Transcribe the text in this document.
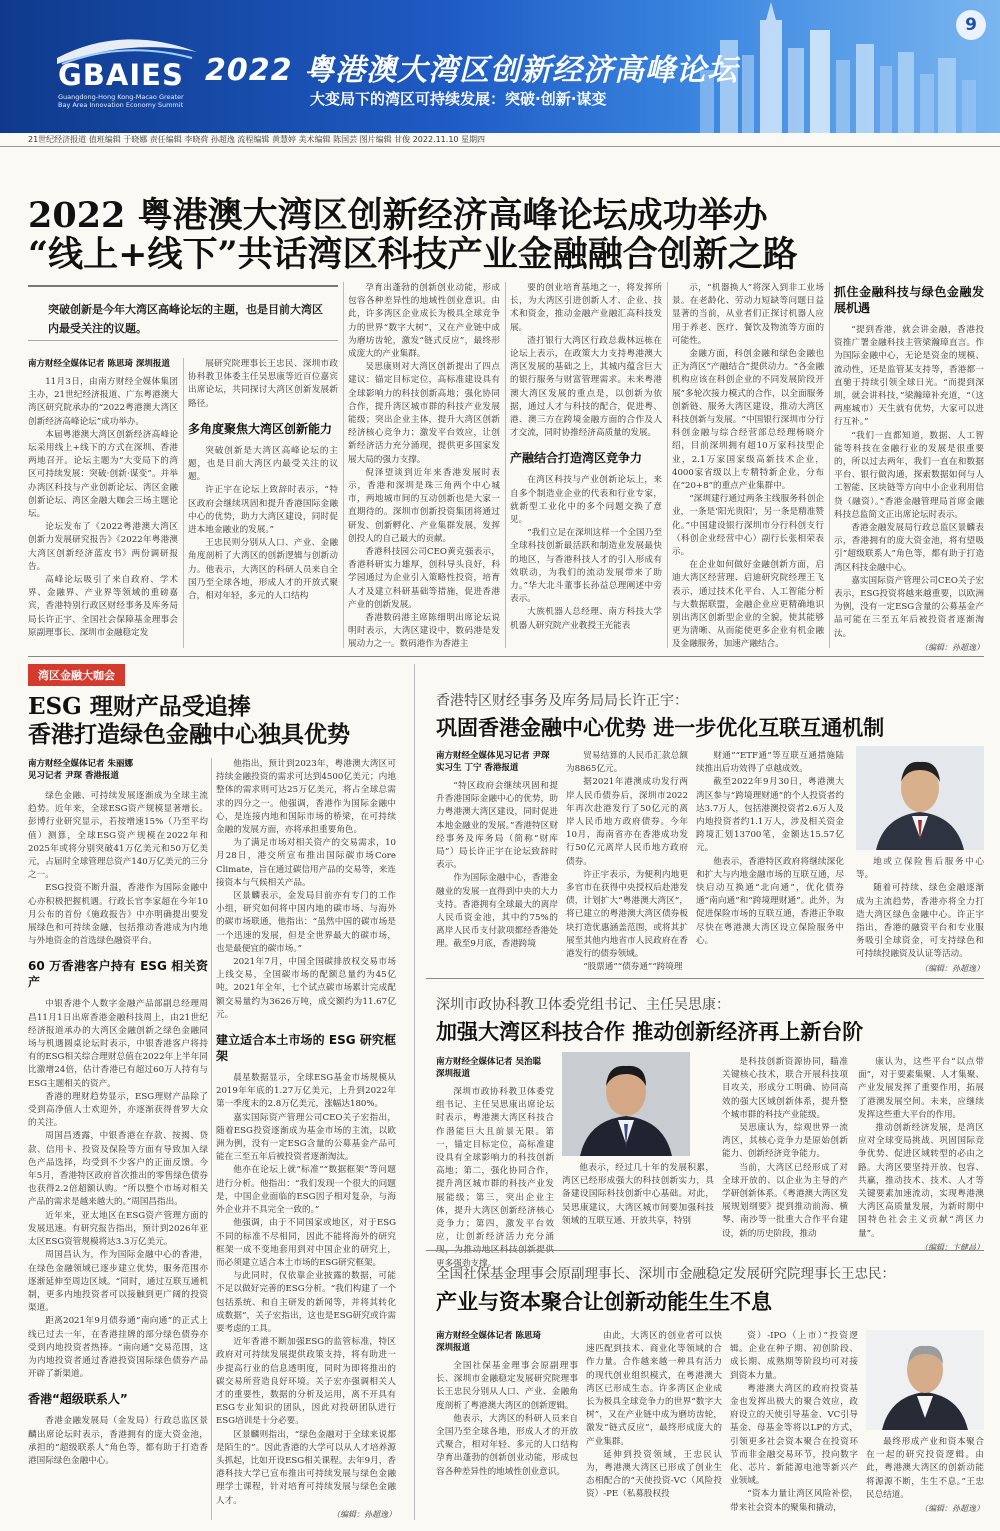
GBAIES
Guangdong-Hong Kong-Macao Greater
Bay Area Innovation Economy Summit
2022 粤港澳大湾区创新经济高峰论坛
大变局下的湾区可持续发展：突破·创新·谋变
9
21世纪经济报道 值班编辑 于晓娜 责任编辑 李晓荷 孙超逸 流程编辑 黄慧婷 美术编辑 陈国芸 图片编辑 甘俊 2022.11.10 星期四
2022 粤港澳大湾区创新经济高峰论坛成功举办
“线上+线下”共话湾区科技产业金融融合创新之路
突破创新是今年大湾区高峰论坛的主题，也是目前大湾区内最受关注的议题。
南方财经全媒体记者 陈思琦 深圳报道

11月3日，由南方财经全媒体集团主办，21世纪经济报道、广东粤港澳大湾区研究院承办的“2022粤港澳大湾区创新经济高峰论坛”成功举办。

本届粤港澳大湾区创新经济高峰论坛采用线上+线下的方式在深圳、香港两地召开。论坛主题为“大变局下的湾区可持续发展：突破·创新·谋变”。并举办湾区科技与产业创新论坛、湾区金融创新论坛、湾区金融大咖会三场主题论坛。

论坛发布了《2022粤港澳大湾区创新力发展研究报告》《2022年粤港澳大湾区创新经济蓝皮书》两份调研报告。

高峰论坛吸引了来自政府、学术界、金融界、产业界等领域的重磅嘉宾，香港特别行政区财经事务及库务局局长许正宇、全国社会保障基金理事会原副理事长、深圳市金融稳定发

展研究院理事长王忠民、深圳市政协科教卫体委主任吴思康等近百位嘉宾出席论坛，共同探讨大湾区创新发展新路径。

多角度聚焦大湾区创新能力

突破创新是大湾区高峰论坛的主题，也是目前大湾区内最受关注的议题。

许正宇在论坛上致辞时表示，“特区政府会继续巩固和提升香港国际金融中心的优势，助力大湾区建设，同时促进本地金融业的发展。”

王忠民则分别从人口、产业、金融角度剖析了大湾区的创新逻辑与创新动力。他表示，大湾区的科研人员来自全国乃至全球各地，形成人才的开放式聚合，相对年轻，多元的人口结构

孕育出蓬勃的创新创业动能，形成包容各种差异性的地域性创业意识。由此，许多湾区企业成长为极具全球竞争力的世界“数字大树”，又在产业链中成为磨坊齿轮，激发“链式反应”，最终形成庞大的产业集群。

吴思康则对大湾区创新提出了四点建议：锚定目标定位，高标准建设具有全球影响力的科技创新高地；强化协同合作，提升湾区城市群的科技产业发展能级；突出企业主体，提升大湾区创新经济核心竞争力；激发平台效应，让创新经济活力充分涌现，提供更多国家发展大局的强力支撑。

倪泽望谈到近年来香港发展时表示，香港和深圳是珠三角两个中心城市，两地城市间的互动创新也是大家一直期待的。深圳市创新投资集团将通过研发、创新孵化、产业集群发展，发挥创投人的自己最大的贡献。

香港科技园公司CEO黄克强表示，香港科研实力雄厚，创科导头良好，科学园通过为企业引入策略性投资，培育人才及建立科研基础等措施，促进香港产业的创新发展。

香港数码港主席陈细明出席论坛说明时表示，大湾区建设中，数码港是发展动力之一。数码港作为香港主

要的创业培育基地之一，将发挥所长，为大湾区引进创新人才、企业、技术和资金，推动金融产业融汇高科技发展。

渣打银行大湾区行政总裁林远栋在论坛上表示，在政策大力支持粤港澳大湾区发展的基础之上，其城内蕴含巨大的银行服务与财富管理需求。未来粤港澳大湾区发展的重点是，以创新为依据，通过人才与科技的配合，促进粤、港、澳三方在跨境金融方面的合作及人才交流，同时协推经济高质量的发展。

产融结合打造湾区竞争力

在湾区科技与产业创新论坛上，来自多个制造业企业的代表和行业专家，就新型工业化中的多个问题交换了意见。

“我们立足在深圳这样一个全国乃至全球科技创新最活跃和制造业发展最快的地区，与香港科技人才的引入形成有效联动，为我们的流动发展带来了助力。”华大北斗董事长孙益总理阐述中旁表示。

大族机器人总经理、南方科技大学机器人研究院产业教授王光能表

示，“机器换人”将深入到非工业场景。在老龄化、劳动力短缺等问题日益显著的当前，从业者们正探讨机器人应用于养老、医疗、餐饮及物流等方面的可能性。

金融方面，科创金融和绿色金融也正为湾区“产融结合”提供动力。“各金融机构应该在科创企业的不同发展阶段开展”多轮次接力模式的合作，以全面服务创新链、服务大湾区建设，推动大湾区科技创新与发展。“中国银行深圳市分行科创金融与综合经营部总经理杨晓介绍，目前深圳拥有超10万家科技型企业，2.1万家国家级高新技术企业，4000家省级以上专精特新企业，分布在“20+8”的重点产业集群中。

“深圳建行通过两条主线服务科创企业，一条是‘阳光贵阳’，另一条是精准赞化。”中国建设银行深圳市分行科创支行（科创企业经营中心）副行长张相荣表示。

在企业如何做好金融创新方面，启迪大湾区经营理、启迪研究院经理王飞表示，通过技术化平台、人工智能分析与大数据联盟，金融企业应更精确地识别出湾区创新型企业的全貌，使其能够更为清晰、从而能使更多企业有机金融及金融服务，加速产融结合。

抓住金融科技与绿色金融发展机遇

“提到香港，就会讲金融，香港投资推广署金融科技主管梁瀚璋直言。作为国际金融中心，无论是资金的规模、流动性，还是监管某支持等，香港都一直驰于持续引领全球日光。“而提到深圳，就会讲科技，”梁瀚璋补充道，“（这两座城市）天生就有优势，大家可以进行互补。”

“我们一直都知道，数据、人工智能等科技在金融行业的发展是很重要的，所以过去两年，我们一直在和数据平台、银行做沟通，探索数据如何与人工智能、区块链等方向中小企业利用信贷（融资）。”香港金融管理局首席金融科技总监简文正出席论坛时表示。

香港金融发展局行政总监区景麟表示，香港拥有的庞大资金池，将有望吸引“超级联系人”角色等，都有助于打造湾区科技金融中心。

嘉实国际资产管理公司CEO关子宏表示，ESG投资将越来越重要，以欧洲为例，没有一定ESG含量的公募基金产品可能在三至五年后被投资者逐渐淘汰。

（编辑：孙超逸）

湾区金融大咖会
ESG 理财产品受追捧
香港打造绿色金融中心独具优势
南方财经全媒体记者 朱丽娜
见习记者 尹琛 香港报道

绿色金融、可持续发展逐渐成为全球主流趋势。近年来，全球ESG资产规模显著增长。彭博行业研究显示，若按增速15%（乃至平均值）测算，全球ESG资产规模在2022年和2025年或将分别突破41万亿美元和50万亿美元，占届时全球管理总资产140万亿美元的三分之一。

ESG投资不断升温，香港作为国际金融中心亦积极把握机遇。行政长官李家超在今年10月公布的首份《施政报告》中亦明确提出要发展绿色和可持续金融，包括推动香港成为内地与外地资金的首选绿色融资平台。

60 万香港客户持有 ESG 相关资产

中银香港个人数字金融产品部副总经理周昌11月1日出席香港金融科技周上，由21世纪经济报道承办的大湾区金融创新之绿色金融同场与机遇圆桌论坛时表示，中银香港客户将持有的ESG相关综合理财总值在2022年上半年同比激增24倍，估计香港已有超过60万人持有与ESG主题相关的资产。

香港的理财趋势显示，ESG理财产品除了受到高净值人士欢迎外，亦逐渐获得普罗大众的关注。

周国昌透露，中银香港在存款、按揭、贷款、信用卡、投资及保险等方面有导致加入绿色产品选择，均受到不少客户的正面反馈。今年5月，香港特区政府首次推出的零售绿色债券也获得2.2倍超额认购。“所以整个市场对相关产品的需求是越来越大的。”周国昌指出。

近年来，亚太地区在ESG资产管理方面的发展迅速。有研究报告指出，预计到2026年亚太区ESG资管规模将达3.3万亿美元。

周国昌认为，作为国际金融中心的香港，在绿色金融领域已逐步建立优势，服务范围亦逐渐延伸至周边区域。“同时，通过互联互通机制，更多内地投资者可以接触到更广阔的投资渠道。

距离2021年9月债券通“南向通”的正式上线已过去一年，在香港挂牌的部分绿色债券亦受到内地投资者热捧。“南向通”交易范围，这为内地投资者通过香港投资国际绿色债券产品开辟了新渠道。

香港“超级联系人”

香港金融发展局（金发局）行政总监区景麟出席论坛时表示，香港拥有的庞大资金池，承担的“超级联系人”角色等，都有助于打造香港国际绿色金融中心。

他指出，预计到2023年，粤港澳大湾区可持续金融投资的需求可达到4500亿美元；内地整体的需求则可达25万亿美元，将占全球总需求的四分之一。他强调，香港作为国际金融中心，是连接内地和国际市场的桥梁，在可持续金融的发展方面，亦将承担重要角色。

为了满足市场对相关资产的交易需求，10月28日，港交所宣布推出国际碳市场Core Climate，旨在通过碳信用产品的交易等，来连接资本与气候相关产品。

区景麟表示，金发局目前亦有专门的工作小组，研究如何将中国内地的碳市场、与海外的碳市场联通，他指出：“虽然中国的碳市场是一个迅速的发展，但是全世界最大的碳市场，也是最便宜的碳市场。”

2021年7月，中国全国碳排放权交易市场上线交易，全国碳市场的配额总量约为45亿吨。2021年全年，七个试点碳市场累计完成配额交易量约为3626万吨，成交额约为11.67亿元。

建立适合本土市场的 ESG 研究框架

晨星数据显示，全球ESG基金市场规模从2019年年底的1.27万亿美元，上升到2022年第一季度末的2.8万亿美元，涨幅达180%。

嘉实国际资产管理公司CEO关子宏指出，随着ESG投资逐渐成为基金市场的主流，以欧洲为例，没有一定ESG含量的公募基金产品可能在三至五年后被投资者逐渐淘汰。

他亦在论坛上就“标准”“数据框架”等问题进行分析。他指出：“我们发现一个很大的问题是，中国企业面临的ESG因子相对复杂，与海外企业并不具完全一致的。”

他强调，由于不同国家或地区，对于ESG不同的标准不尽相同，因此不能将海外的研究框架一成不变地套用到对中国企业的研究上，而必须建立适合本土市场的ESG研究框架。

与此同时，仅依靠企业披露的数据，可能不足以做好完善的ESG分析。“我们构建了一个包括系统、和自主研发的新闻等，并将其转化成数据”，关子宏指出，这也是ESG研究或许需要考虑的工具。

近年香港不断加强ESG的监管标准，特区政府对可持续发展提供政策支持，将有助进一步提高行业的信息透明度，同时为即将推出的碳交易所营造良好环境。关子宏亦强调相关人才的重要性，数据的分析及运用，离不开具有ESG专业知识的团队，因此对投研团队进行ESG培训是十分必要。

区景麟则指出，“绿色金融对于全球来说都是陌生的”。因此香港的大学可以从人才培养源头抓起，比如开设ESG相关课程。去年9月，香港科技大学已宣布推出可持续发展与绿色金融理学士课程，针对培育可持续发展与绿色金融人才。

（编辑：孙超逸）

香港特区财经事务及库务局局长许正宇：
巩固香港金融中心优势 进一步优化互联互通机制
南方财经全媒体见习记者 尹琛
实习生 丁宁 香港报道

“特区政府会继续巩固和提升香港国际金融中心的优势，助力粤港澳大湾区建设，同时促进本地金融业的发展。”香港特区财经事务及库务局（简称“财库局”）局长许正宇在论坛致辞时表示。

作为国际金融中心，香港金融业的发展一直得到中央的大力支持。香港拥有全球最大的离岸人民币资金池，其中约75%的离岸人民币支付款项都经香港处理。截至9月底，香港跨境

贸易结算的人民币汇款总额为8865亿元。

据2021年港澳成功发行两岸人民币债券后，深圳市2022年再次赴港发行了50亿元的离岸人民币地方政府债券。今年10月，海南省亦在香港成功发行50亿元离岸人民币地方政府债券。

许正宇表示，为便利内地更多官市在获得中央授权后赴港发债，计划扩大“粤港澳大湾区”，将已建立的粤港澳大湾区债券板块打造优惠涵盖范围，或将其扩展至其他内地省市人民政府在香港发行的债券领域。

“股票通”“债券通”“跨境理

财通”“ETF通”等互联互通措施陆续推出后功效得了卓越成效。

截至2022年9月30日，粤港澳大湾区参与“跨境理财通”的个人投资者约达3.7万人，包括港澳投资者2.6万人及内地投资者约1.1万人，涉及相关资金跨境汇划13700笔，金额达15.57亿元。

他表示，香港特区政府将继续深化和扩大与内地金融市场的互联互通，尽快启动互换通“北向通”，优化债券通“南向通”和“跨境理财通”。此外，为促进保险市场的互联互通，香港正争取尽快在粤港澳大湾区设立保险服务中心。

地或立保险售后服务中心等。

随着可持续、绿色金融逐渐成为主流趋势，香港亦将全力打造大湾区绿色金融中心。许正宇指出，香港的融资平台和专业服务吸引全球资金，可支持绿色和可持续投融资及认证等活动。

（编辑：孙超逸）

深圳市政协科教卫体委党组书记、主任吴思康：
加强大湾区科技合作 推动创新经济再上新台阶
南方财经全媒体记者 吴治聪
深圳报道

深圳市政协科教卫体委党组书记、主任吴思康出席论坛时表示，粤港澳大湾区科技合作潜能巨大且前景无限。第一，锚定目标定位，高标准建设具有全球影响力的科技创新高地；第二，强化协同合作，提升湾区城市群的科技产业发展能级；第三，突出企业主体，提升大湾区创新经济核心竞争力；第四，激发平台效应，让创新经济活力充分涌现，为推动地区科技创新提供更多强劲支撑。

他表示，经过几十年的发展积累，湾区已经形成强大的科技创新实力，具备建设国际科技创新中心基础。对此，吴思康建议，大湾区城市间要加强科技领域的互联互通、开放共享，特别

是科技创新资源协同，瞄准关键核心技术，联合开展科技项目攻关，形成分工明确、协同高效的强大区域创新体系，提升整个城市群的科技产业能级。

吴思康认为，综观世界一流湾区，其核心竞争力是原始创新能力、创新经济竞争能力。

当前，大湾区已经形成了对全球开放的、以企业为主导的产学研创新体系。《粤港澳大湾区发展规划纲要》提到推动前海、横琴、南沙等一批重大合作平台建设，新的历史阶段，推动

康认为，这些平台“以点带面”，对于要素集聚、人才集聚、产业发展发挥了重要作用，拓展了港澳发展空间。未来，应继续发挥这些重大平台的作用。

推动创新经济发展，是湾区应对全球变局挑战、巩固国际竞争优势、促进区域转型的必由之路。大湾区要坚持开放、包容、共赢，推动技术、技术、人才等关键要素加速流动，实现粤港澳大湾区高质量发展，为新时期中国特色社会主义贡献“湾区力量”。

（编辑：卞健昌）

全国社保基金理事会原副理事长、深圳市金融稳定发展研究院理事长王忠民：
产业与资本聚合让创新动能生生不息
南方财经全媒体记者 陈思琦
深圳报道

全国社保基金理事会原副理事长、深圳市金融稳定发展研究院理事长王忠民分别从人口、产业、金融角度剖析了粤港澳大湾区的创新逻辑。

他表示，大湾区的科研人员来自全国乃至全球各地，形成人才的开放式聚合，相对年轻、多元的人口结构孕育出蓬勃的创新创业动能，形成包容各种差异性的地域性创业意识。

由此，大湾区的创业者可以快速匹配到技术、商业化等领域的合作力量。合作越来越一种具有活力的现代创业组织模式，在粤港澳大湾区已形成生态。许多湾区企业成长为极具全球竞争力的世界“数字大树”，又在产业链中成为磨坊齿轮，激发“链式反应”，最终形成庞大的产业集群。

延伸到投资领域，王忠民认为，粤港澳大湾区已形成了创业生态相配合的“天使投资-VC（风险投资）-PE（私募股权投

资）-IPO（上市）”投资逻辑。企业在种子期、初创阶段、成长期、成熟期等阶段均可对接到资本力量。

粤港澳大湾区的政府投资基金也发挥出极大的聚合效应，政府设立的天使引导基金、VC引导基金、母基金等将以LP的方式，引领更多社会资本聚合在投资环节而非金融交易环节，投向数字化、芯片、新能源电池等新兴产业领域。

“资本力量让湾区风险补偿，带来社会资本的聚集和撬动，

最终形成产业和资本聚合在一起的研究投资逻辑。由此，粤港澳大湾区的创新动能将源源不断，生生不息。”王忠民总结道。

（编辑：孙超逸）
